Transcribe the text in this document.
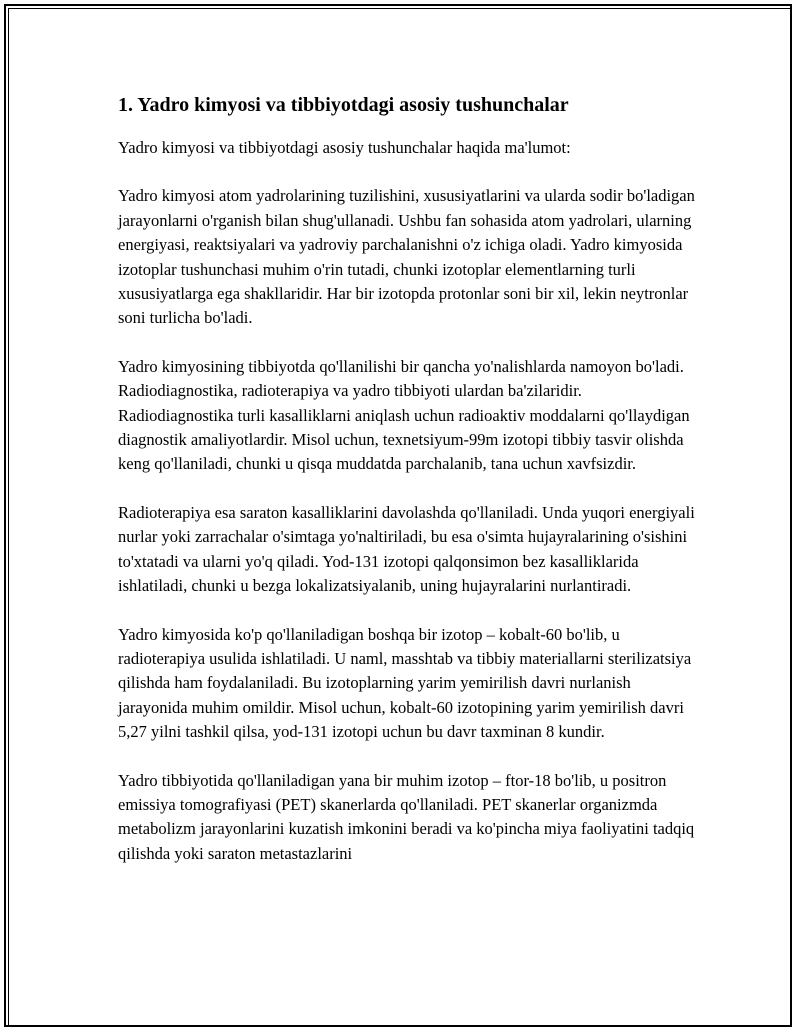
1. Yadro kimyosi va tibbiyotdagi asosiy tushunchalar

Yadro kimyosi va tibbiyotdagi asosiy tushunchalar haqida ma'lumot:

Yadro kimyosi atom yadrolarining tuzilishini, xususiyatlarini va ularda sodir bo'ladigan jarayonlarni o'rganish bilan shug'ullanadi. Ushbu fan sohasida atom yadrolari, ularning energiyasi, reaktsiyalari va yadroviy parchalanishni o'z ichiga oladi. Yadro kimyosida izotoplar tushunchasi muhim o'rin tutadi, chunki izotoplar elementlarning turli xususiyatlarga ega shakllaridir. Har bir izotopda protonlar soni bir xil, lekin neytronlar soni turlicha bo'ladi.

Yadro kimyosining tibbiyotda qo'llanilishi bir qancha yo'nalishlarda namoyon bo'ladi. Radiodiagnostika, radioterapiya va yadro tibbiyoti ulardan ba'zilaridir. Radiodiagnostika turli kasalliklarni aniqlash uchun radioaktiv moddalarni qo'llaydigan diagnostik amaliyotlardir. Misol uchun, texnetsiyum-99m izotopi tibbiy tasvir olishda keng qo'llaniladi, chunki u qisqa muddatda parchalanib, tana uchun xavfsizdir.

Radioterapiya esa saraton kasalliklarini davolashda qo'llaniladi. Unda yuqori energiyali nurlar yoki zarrachalar o'simtaga yo'naltiriladi, bu esa o'simta hujayralarining o'sishini to'xtatadi va ularni yo'q qiladi. Yod-131 izotopi qalqonsimon bez kasalliklarida ishlatiladi, chunki u bezga lokalizatsiyalanib, uning hujayralarini nurlantiradi.

Yadro kimyosida ko'p qo'llaniladigan boshqa bir izotop – kobalt-60 bo'lib, u radioterapiya usulida ishlatiladi. U naml, masshtab va tibbiy materiallarni sterilizatsiya qilishda ham foydalaniladi. Bu izotoplarning yarim yemirilish davri nurlanish jarayonida muhim omildir. Misol uchun, kobalt-60 izotopining yarim yemirilish davri 5,27 yilni tashkil qilsa, yod-131 izotopi uchun bu davr taxminan 8 kundir.

Yadro tibbiyotida qo'llaniladigan yana bir muhim izotop – ftor-18 bo'lib, u positron emissiya tomografiyasi (PET) skanerlarda qo'llaniladi. PET skanerlar organizmda metabolizm jarayonlarini kuzatish imkonini beradi va ko'pincha miya faoliyatini tadqiq qilishda yoki saraton metastazlarini
